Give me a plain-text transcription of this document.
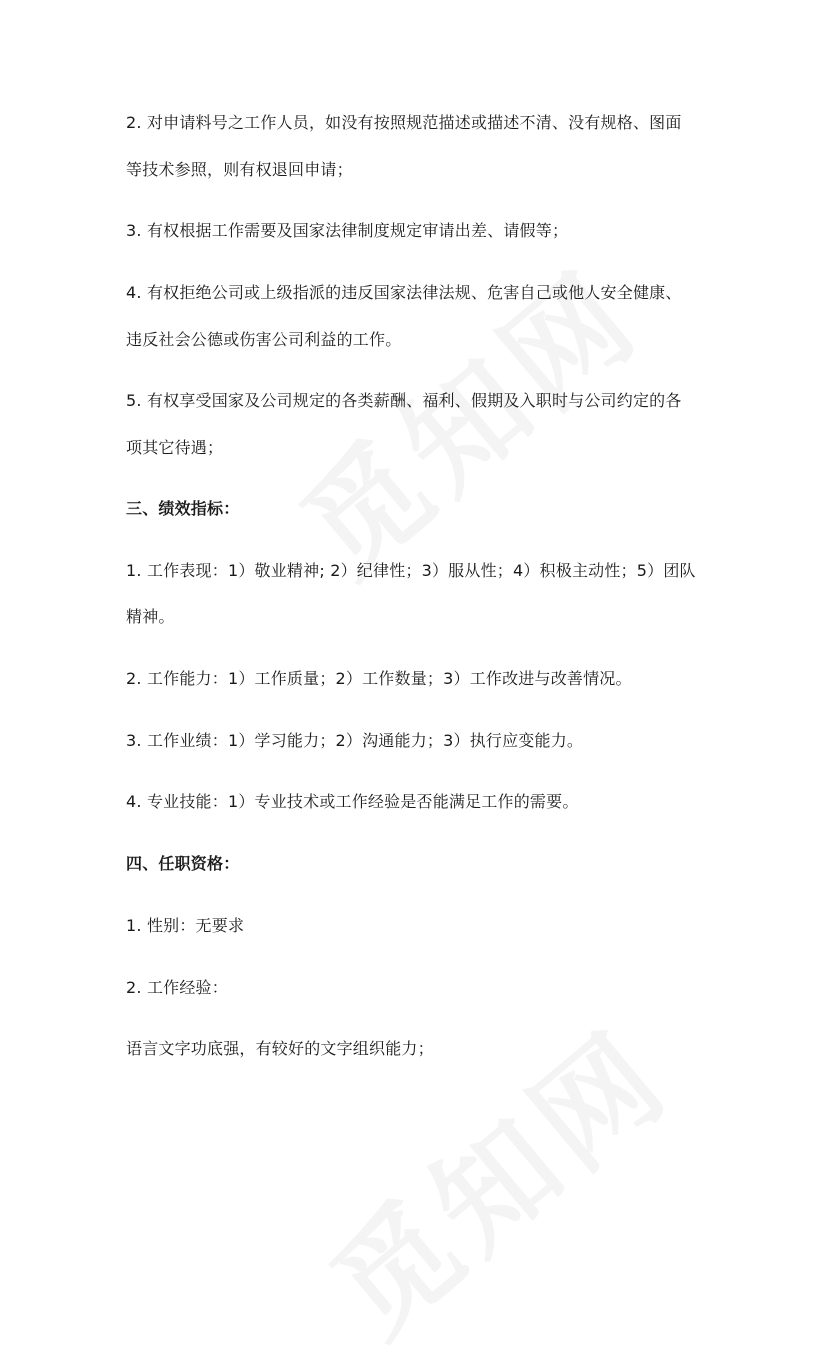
2. 对申请料号之工作人员，如没有按照规范描述或描述不清、没有规格、图面
等技术参照，则有权退回申请；
3. 有权根据工作需要及国家法律制度规定审请出差、请假等；
4. 有权拒绝公司或上级指派的违反国家法律法规、危害自己或他人安全健康、
违反社会公德或伤害公司利益的工作。
5. 有权享受国家及公司规定的各类薪酬、福利、假期及入职时与公司约定的各
项其它待遇；
三、绩效指标：
1. 工作表现：1）敬业精神; 2）纪律性；3）服从性；4）积极主动性；5）团队
精神。
2. 工作能力：1）工作质量；2）工作数量；3）工作改进与改善情况。
3. 工作业绩：1）学习能力；2）沟通能力；3）执行应变能力。
4. 专业技能：1）专业技术或工作经验是否能满足工作的需要。
四、任职资格：
1. 性别：无要求
2. 工作经验：
语言文字功底强，有较好的文字组织能力；
